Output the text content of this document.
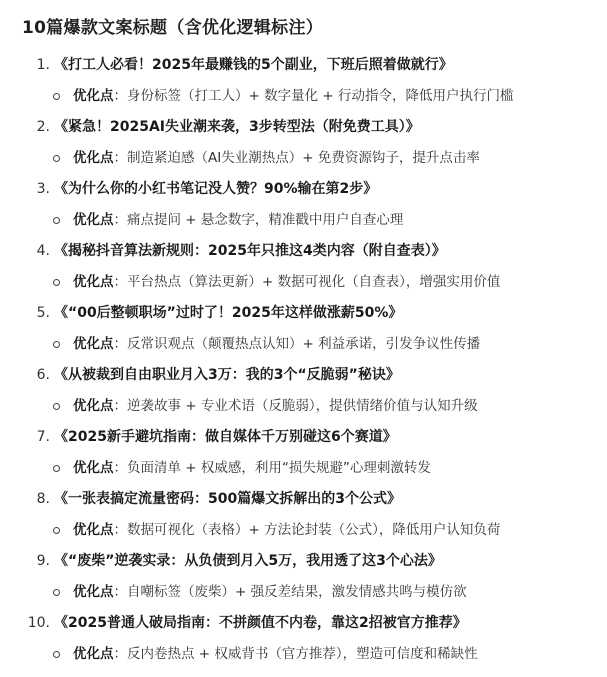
10篇爆款文案标题（含优化逻辑标注）
1. 《打工人必看！2025年最赚钱的5个副业，下班后照着做就行》
优化点 ： 身份标签（打工人）+ 数字量化 + 行动指令，降低用户执行门槛
2. 《紧急！2025AI失业潮来袭，3步转型法（附免费工具）》
优化点 ： 制造紧迫感（AI失业潮热点）+ 免费资源钩子，提升点击率
3. 《为什么你的小红书笔记没人赞？90%输在第2步》
优化点 ： 痛点提问 + 悬念数字，精准戳中用户自查心理
4. 《揭秘抖音算法新规则：2025年只推这4类内容（附自查表）》
优化点 ： 平台热点（算法更新）+ 数据可视化（自查表），增强实用价值
5. 《“00后整顿职场”过时了！2025年这样做涨薪50%》
优化点 ： 反常识观点（颠覆热点认知）+ 利益承诺，引发争议性传播
6. 《从被裁到自由职业月入3万：我的3个“反脆弱”秘诀》
优化点 ： 逆袭故事 + 专业术语（反脆弱），提供情绪价值与认知升级
7. 《2025新手避坑指南：做自媒体千万别碰这6个赛道》
优化点 ： 负面清单 + 权威感，利用“损失规避”心理刺激转发
8. 《一张表搞定流量密码：500篇爆文拆解出的3个公式》
优化点 ： 数据可视化（表格）+ 方法论封装（公式），降低用户认知负荷
9. 《“废柴”逆袭实录：从负债到月入5万，我用透了这3个心法》
优化点 ： 自嘲标签（废柴）+ 强反差结果，激发情感共鸣与模仿欲
10. 《2025普通人破局指南：不拼颜值不内卷，靠这2招被官方推荐》
优化点 ： 反内卷热点 + 权威背书（官方推荐），塑造可信度和稀缺性
